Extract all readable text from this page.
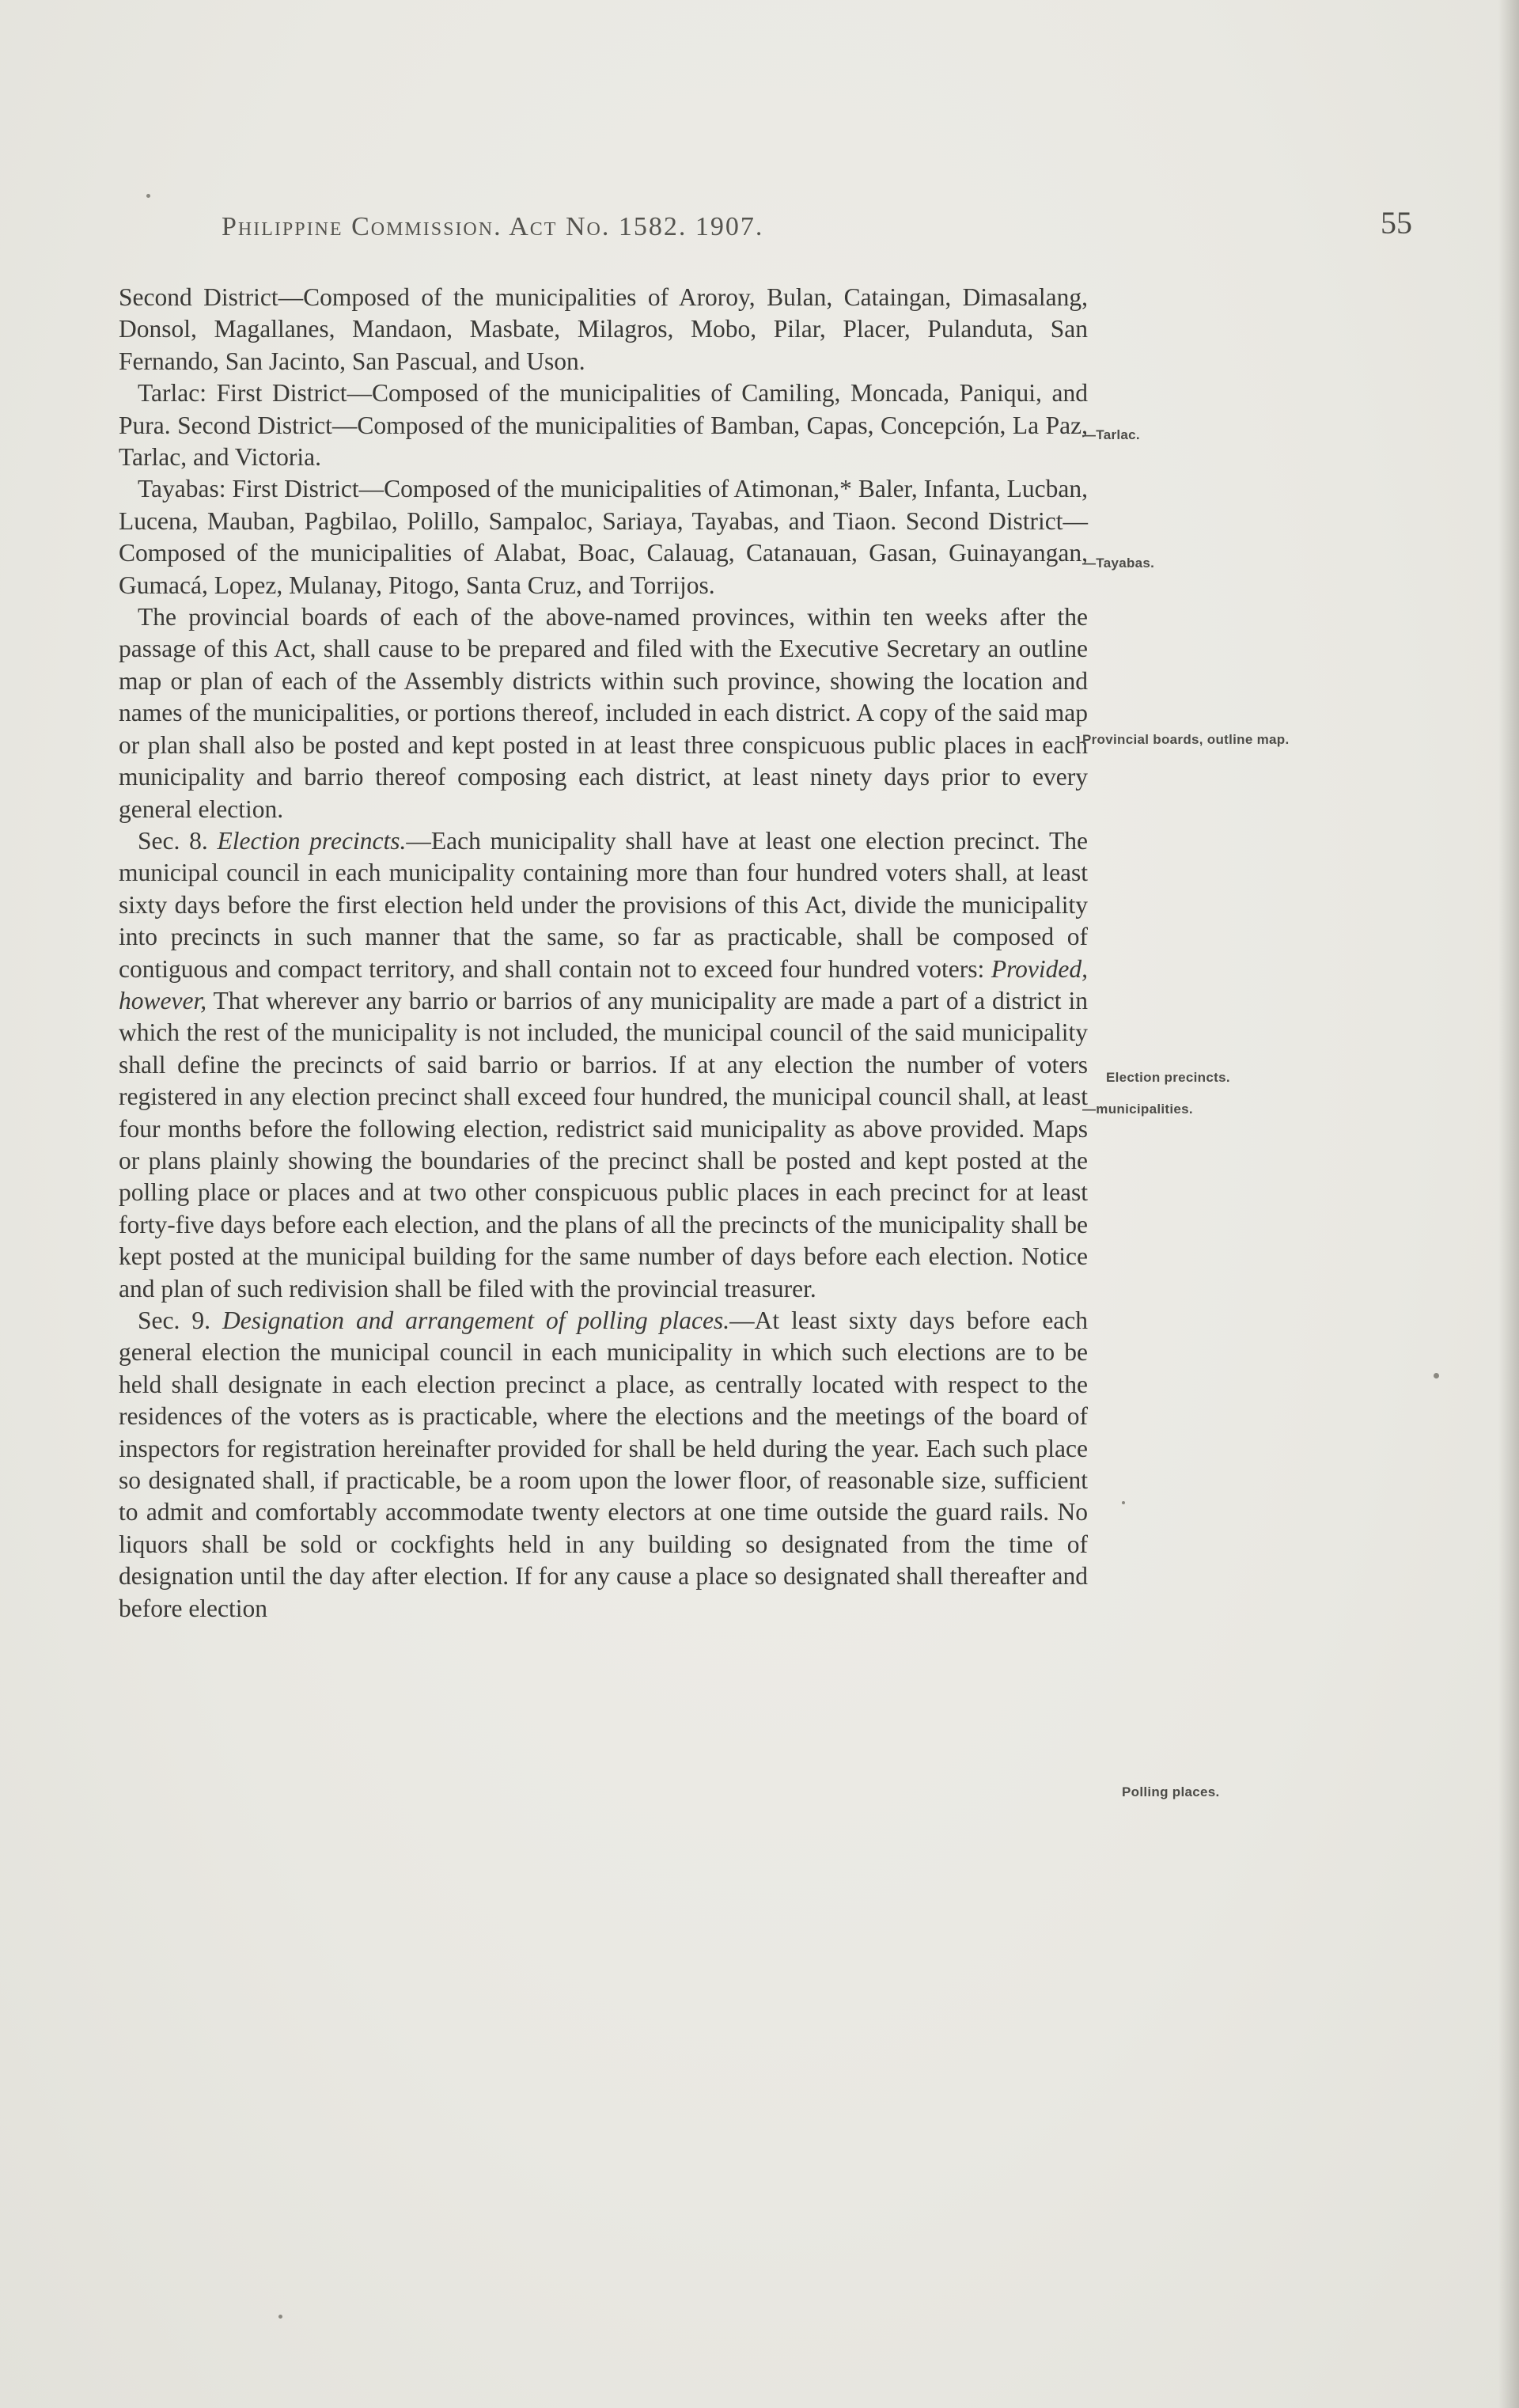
Philippine Commission. Act No. 1582. 1907.	55

Second District—Composed of the municipalities of Aroroy, Bulan, Cataingan, Dimasalang, Donsol, Magallanes, Mandaon, Masbate, Milagros, Mobo, Pilar, Placer, Pulanduta, San Fernando, San Jacinto, San Pascual, and Uson.

Tarlac: First District—Composed of the municipalities of Camiling, Moncada, Paniqui, and Pura. Second District—Composed of the municipalities of Bamban, Capas, Concepción, La Paz, Tarlac, and Victoria.

Tayabas: First District—Composed of the municipalities of Atimonan,* Baler, Infanta, Lucban, Lucena, Mauban, Pagbilao, Polillo, Sampaloc, Sariaya, Tayabas, and Tiaon. Second District—Composed of the municipalities of Alabat, Boac, Calauag, Catanauan, Gasan, Guinayangan, Gumacá, Lopez, Mulanay, Pitogo, Santa Cruz, and Torrijos.

The provincial boards of each of the above-named provinces, within ten weeks after the passage of this Act, shall cause to be prepared and filed with the Executive Secretary an outline map or plan of each of the Assembly districts within such province, showing the location and names of the municipalities, or portions thereof, included in each district. A copy of the said map or plan shall also be posted and kept posted in at least three conspicuous public places in each municipality and barrio thereof composing each district, at least ninety days prior to every general election.

Sec. 8. Election precincts.—Each municipality shall have at least one election precinct. The municipal council in each municipality containing more than four hundred voters shall, at least sixty days before the first election held under the provisions of this Act, divide the municipality into precincts in such manner that the same, so far as practicable, shall be composed of contiguous and compact territory, and shall contain not to exceed four hundred voters: Provided, however, That wherever any barrio or barrios of any municipality are made a part of a district in which the rest of the municipality is not included, the municipal council of the said municipality shall define the precincts of said barrio or barrios. If at any election the number of voters registered in any election precinct shall exceed four hundred, the municipal council shall, at least four months before the following election, redistrict said municipality as above provided. Maps or plans plainly showing the boundaries of the precinct shall be posted and kept posted at the polling place or places and at two other conspicuous public places in each precinct for at least forty-five days before each election, and the plans of all the precincts of the municipality shall be kept posted at the municipal building for the same number of days before each election. Notice and plan of such redivision shall be filed with the provincial treasurer.

Sec. 9. Designation and arrangement of polling places.—At least sixty days before each general election the municipal council in each municipality in which such elections are to be held shall designate in each election precinct a place, as centrally located with respect to the residences of the voters as is practicable, where the elections and the meetings of the board of inspectors for registration hereinafter provided for shall be held during the year. Each such place so designated shall, if practicable, be a room upon the lower floor, of reasonable size, sufficient to admit and comfortably accommodate twenty electors at one time outside the guard rails. No liquors shall be sold or cockfights held in any building so designated from the time of designation until the day after election. If for any cause a place so designated shall thereafter and before election

—Tarlac.
—Tayabas.
Provincial boards, outline map.
Election precincts.
—municipalities.
Polling places.
